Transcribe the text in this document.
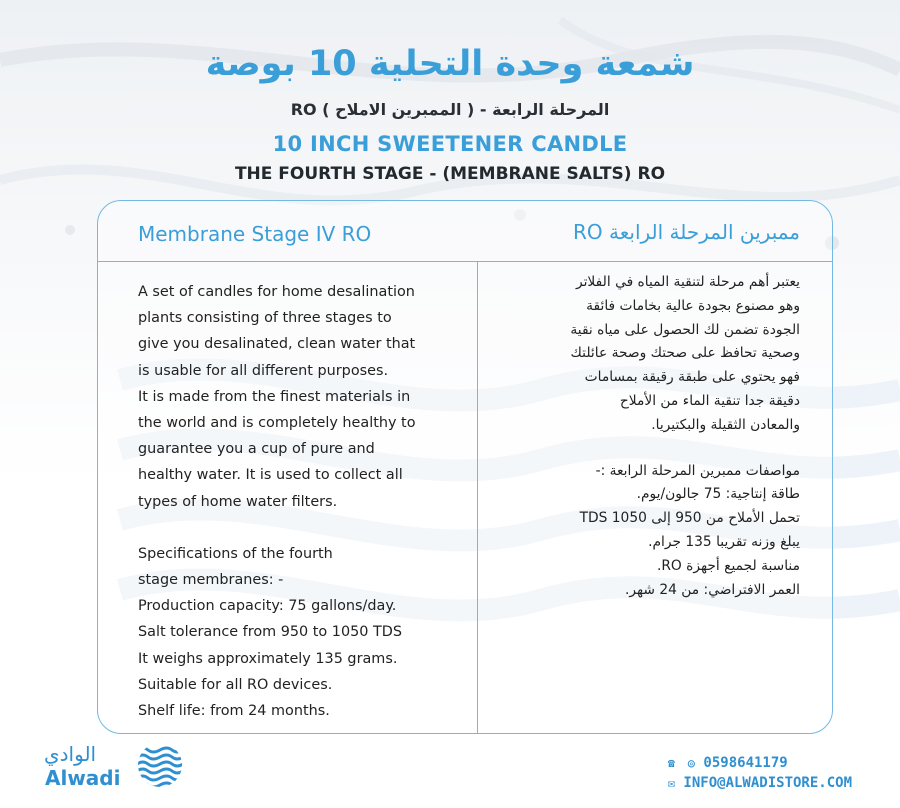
شمعة وحدة التحلية 10 بوصة
المرحلة الرابعة - ( الممبرين الاملاح ) RO
10 INCH SWEETENER CANDLE
THE FOURTH STAGE - (MEMBRANE SALTS) RO
Membrane Stage IV RO	ممبرين المرحلة الرابعة RO

A set of candles for home desalination

plants consisting of three stages to

give you desalinated, clean water that

is usable for all different purposes.

It is made from the finest materials in

the world and is completely healthy to

guarantee you a cup of pure and

healthy water. It is used to collect all

types of home water filters.

Specifications of the fourth

stage membranes: -

Production capacity: 75 gallons/day.

Salt tolerance from 950 to 1050 TDS

It weighs approximately 135 grams.

Suitable for all RO devices.

Shelf life: from 24 months.

يعتبر أهم مرحلة لتنقية المياه في الفلاتر

وهو مصنوع بجودة عالية بخامات فائقة

الجودة تضمن لك الحصول على مياه نقية

وصحية تحافظ على صحتك وصحة عائلتك

فهو يحتوي على طبقة رقيقة بمسامات

دقيقة جدا تنقية الماء من الأملاح

والمعادن الثقيلة والبكتيريا.

مواصفات ممبرين المرحلة الرابعة :-

طاقة إنتاجية: 75 جالون/يوم.

تحمل الأملاح من 950 إلى TDS 1050

يبلغ وزنه تقريبا 135 جرام.

مناسبة لجميع أجهزة RO.

العمر الافتراضي: من 24 شهر.

الوادي
Alwadi
☎	◎ 0598641179
✉ INFO@ALWADISTORE.COM
